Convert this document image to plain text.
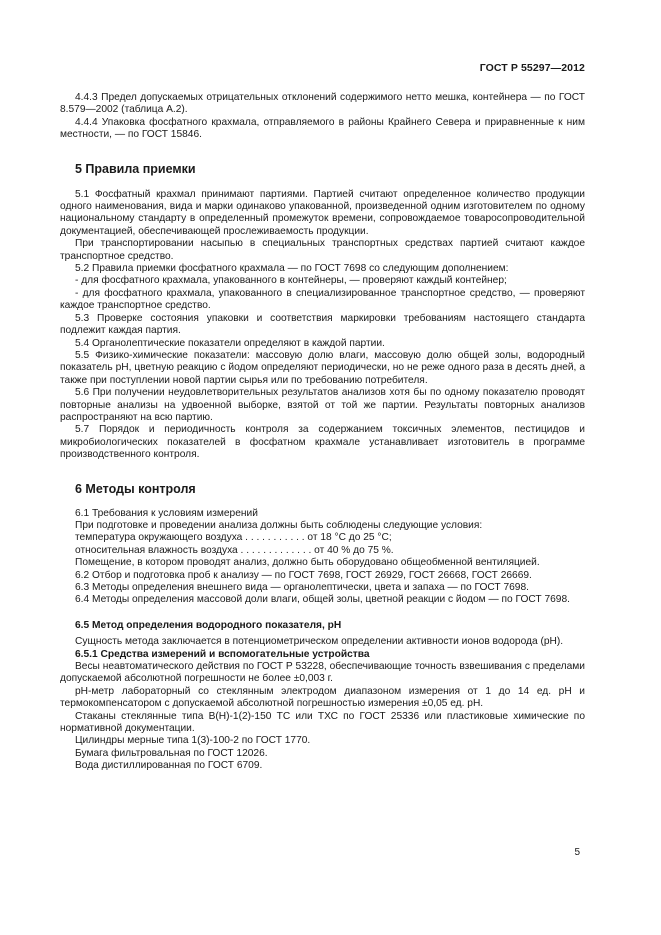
ГОСТ Р 55297—2012

4.4.3 Предел допускаемых отрицательных отклонений содержимого нетто мешка, контейнера — по ГОСТ 8.579—2002 (таблица А.2).

4.4.4 Упаковка фосфатного крахмала, отправляемого в районы Крайнего Севера и приравненные к ним местности, — по ГОСТ 15846.

5 Правила приемки

5.1 Фосфатный крахмал принимают партиями. Партией считают определенное количество продукции одного наименования, вида и марки одинаково упакованной, произведенной одним изготовителем по одному национальному стандарту в определенный промежуток времени, сопровождаемое товаросопроводительной документацией, обеспечивающей прослеживаемость продукции.

При транспортировании насыпью в специальных транспортных средствах партией считают каждое транспортное средство.

5.2 Правила приемки фосфатного крахмала — по ГОСТ 7698 со следующим дополнением:

- для фосфатного крахмала, упакованного в контейнеры, — проверяют каждый контейнер;

- для фосфатного крахмала, упакованного в специализированное транспортное средство, — проверяют каждое транспортное средство.

5.3 Проверке состояния упаковки и соответствия маркировки требованиям настоящего стандарта подлежит каждая партия.

5.4 Органолептические показатели определяют в каждой партии.

5.5 Физико-химические показатели: массовую долю влаги, массовую долю общей золы, водородный показатель pH, цветную реакцию с йодом определяют периодически, но не реже одного раза в десять дней, а также при поступлении новой партии сырья или по требованию потребителя.

5.6 При получении неудовлетворительных результатов анализов хотя бы по одному показателю проводят повторные анализы на удвоенной выборке, взятой от той же партии. Результаты повторных анализов распространяют на всю партию.

5.7 Порядок и периодичность контроля за содержанием токсичных элементов, пестицидов и микробиологических показателей в фосфатном крахмале устанавливает изготовитель в программе производственного контроля.

6 Методы контроля

6.1 Требования к условиям измерений

При подготовке и проведении анализа должны быть соблюдены следующие условия:

температура окружающего воздуха . . . . . . . . . . . от 18 °С до 25 °С;

относительная влажность воздуха . . . . . . . . . . . . . от 40 % до 75 %.

Помещение, в котором проводят анализ, должно быть оборудовано общеобменной вентиляцией.

6.2 Отбор и подготовка проб к анализу — по ГОСТ 7698, ГОСТ 26929, ГОСТ 26668, ГОСТ 26669.

6.3 Методы определения внешнего вида — органолептически, цвета и запаха — по ГОСТ 7698.

6.4 Методы определения массовой доли влаги, общей золы, цветной реакции с йодом — по ГОСТ 7698.

6.5 Метод определения водородного показателя, pH

Сущность метода заключается в потенциометрическом определении активности ионов водорода (pH).

6.5.1 Средства измерений и вспомогательные устройства

Весы неавтоматического действия по ГОСТ Р 53228, обеспечивающие точность взвешивания с пределами допускаемой абсолютной погрешности не более ±0,003 г.

pH-метр лабораторный со стеклянным электродом диапазоном измерения от 1 до 14 ед. pH и термокомпенсатором с допускаемой абсолютной погрешностью измерения ±0,05 ед. pH.

Стаканы стеклянные типа В(Н)-1(2)-150 ТС или ТХС по ГОСТ 25336 или пластиковые химические по нормативной документации.

Цилиндры мерные типа 1(3)-100-2 по ГОСТ 1770.

Бумага фильтровальная по ГОСТ 12026.

Вода дистиллированная по ГОСТ 6709.

5
